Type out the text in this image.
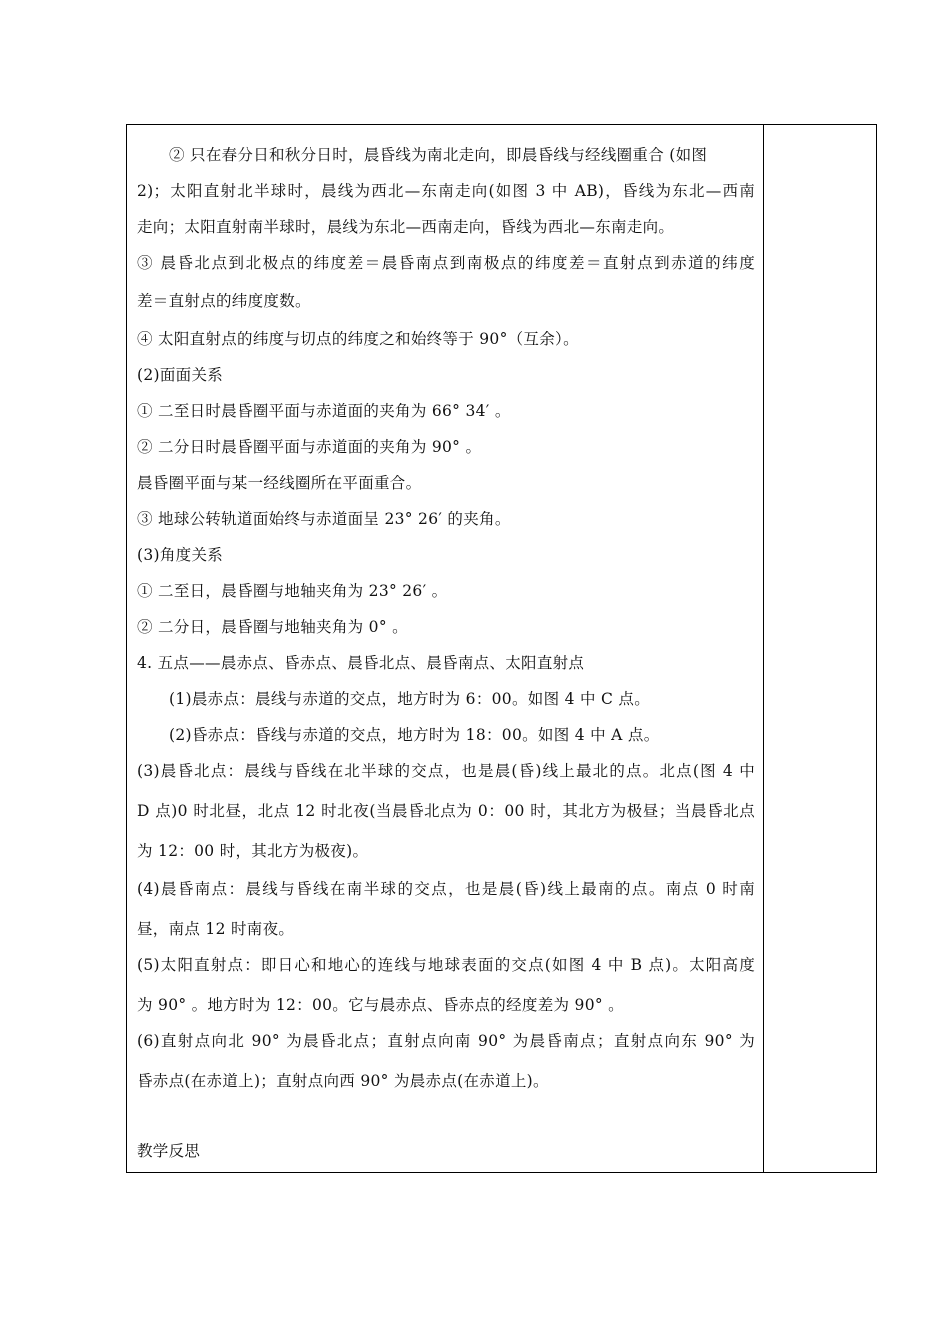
② 只在春分日和秋分日时，晨昏线为南北走向，即晨昏线与经线圈重合 (如图
2)；太阳直射北半球时，晨线为西北—东南走向(如图 3 中 AB)，昏线为东北—西南
走向；太阳直射南半球时，晨线为东北—西南走向，昏线为西北—东南走向。
③ 晨昏北点到北极点的纬度差＝晨昏南点到南极点的纬度差＝直射点到赤道的纬度
差＝直射点的纬度度数。
④ 太阳直射点的纬度与切点的纬度之和始终等于 90°（互余）。
(2)面面关系
① 二至日时晨昏圈平面与赤道面的夹角为 66° 34′ 。
② 二分日时晨昏圈平面与赤道面的夹角为 90° 。
晨昏圈平面与某一经线圈所在平面重合。
③ 地球公转轨道面始终与赤道面呈 23° 26′ 的夹角。
(3)角度关系
① 二至日，晨昏圈与地轴夹角为 23° 26′ 。
② 二分日，晨昏圈与地轴夹角为 0° 。
4. 五点——晨赤点、昏赤点、晨昏北点、晨昏南点、太阳直射点
(1)晨赤点：晨线与赤道的交点，地方时为 6：00。如图 4 中 C 点。
(2)昏赤点：昏线与赤道的交点，地方时为 18：00。如图 4 中 A 点。
(3)晨昏北点：晨线与昏线在北半球的交点，也是晨(昏)线上最北的点。北点(图 4 中
D 点)0 时北昼，北点 12 时北夜(当晨昏北点为 0：00 时，其北方为极昼；当晨昏北点
为 12：00 时，其北方为极夜)。
(4)晨昏南点：晨线与昏线在南半球的交点，也是晨(昏)线上最南的点。南点 0 时南
昼，南点 12 时南夜。
(5)太阳直射点：即日心和地心的连线与地球表面的交点(如图 4 中 B 点)。太阳高度
为 90° 。地方时为 12：00。它与晨赤点、昏赤点的经度差为 90° 。
(6)直射点向北 90° 为晨昏北点；直射点向南 90° 为晨昏南点；直射点向东 90° 为
昏赤点(在赤道上)；直射点向西 90° 为晨赤点(在赤道上)。
教学反思
